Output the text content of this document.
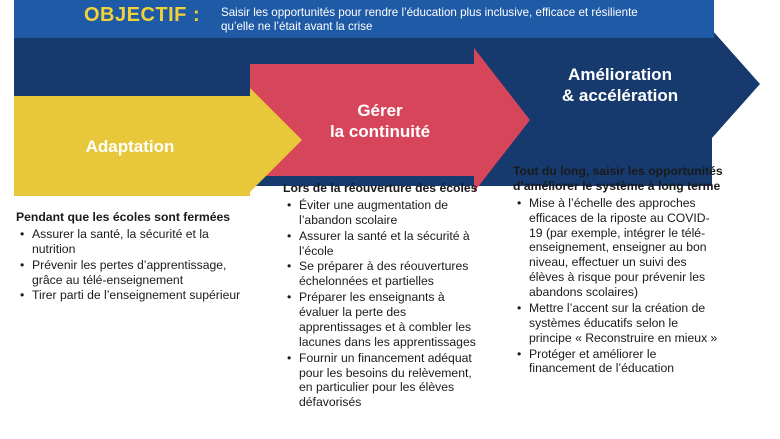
OBJECTIF : Saisir les opportunités pour rendre l’éducation plus inclusive, efficace et résiliente qu’elle ne l’était avant la crise
Adaptation
Gérer
la continuité
Amélioration
& accélération

Pendant que les écoles sont fermées

• Assurer la santé, la sécurité et la nutrition
• Prévenir les pertes d’apprentissage, grâce au télé-enseignement
• Tirer parti de l’enseignement supérieur

Lors de la réouverture des écoles

• Éviter une augmentation de l’abandon scolaire
• Assurer la santé et la sécurité à l’école
• Se préparer à des réouvertures échelonnées et partielles
• Préparer les enseignants à évaluer la perte des apprentissages et à combler les lacunes dans les apprentissages
• Fournir un financement adéquat pour les besoins du relèvement, en particulier pour les élèves défavorisés

Tout du long, saisir les opportunités d’améliorer le système à long terme

• Mise à l’échelle des approches efficaces de la riposte au COVID-19 (par exemple, intégrer le télé-enseignement, enseigner au bon niveau, effectuer un suivi des élèves à risque pour prévenir les abandons scolaires)
• Mettre l’accent sur la création de systèmes éducatifs selon le principe « Reconstruire en mieux »
• Protéger et améliorer le financement de l’éducation
